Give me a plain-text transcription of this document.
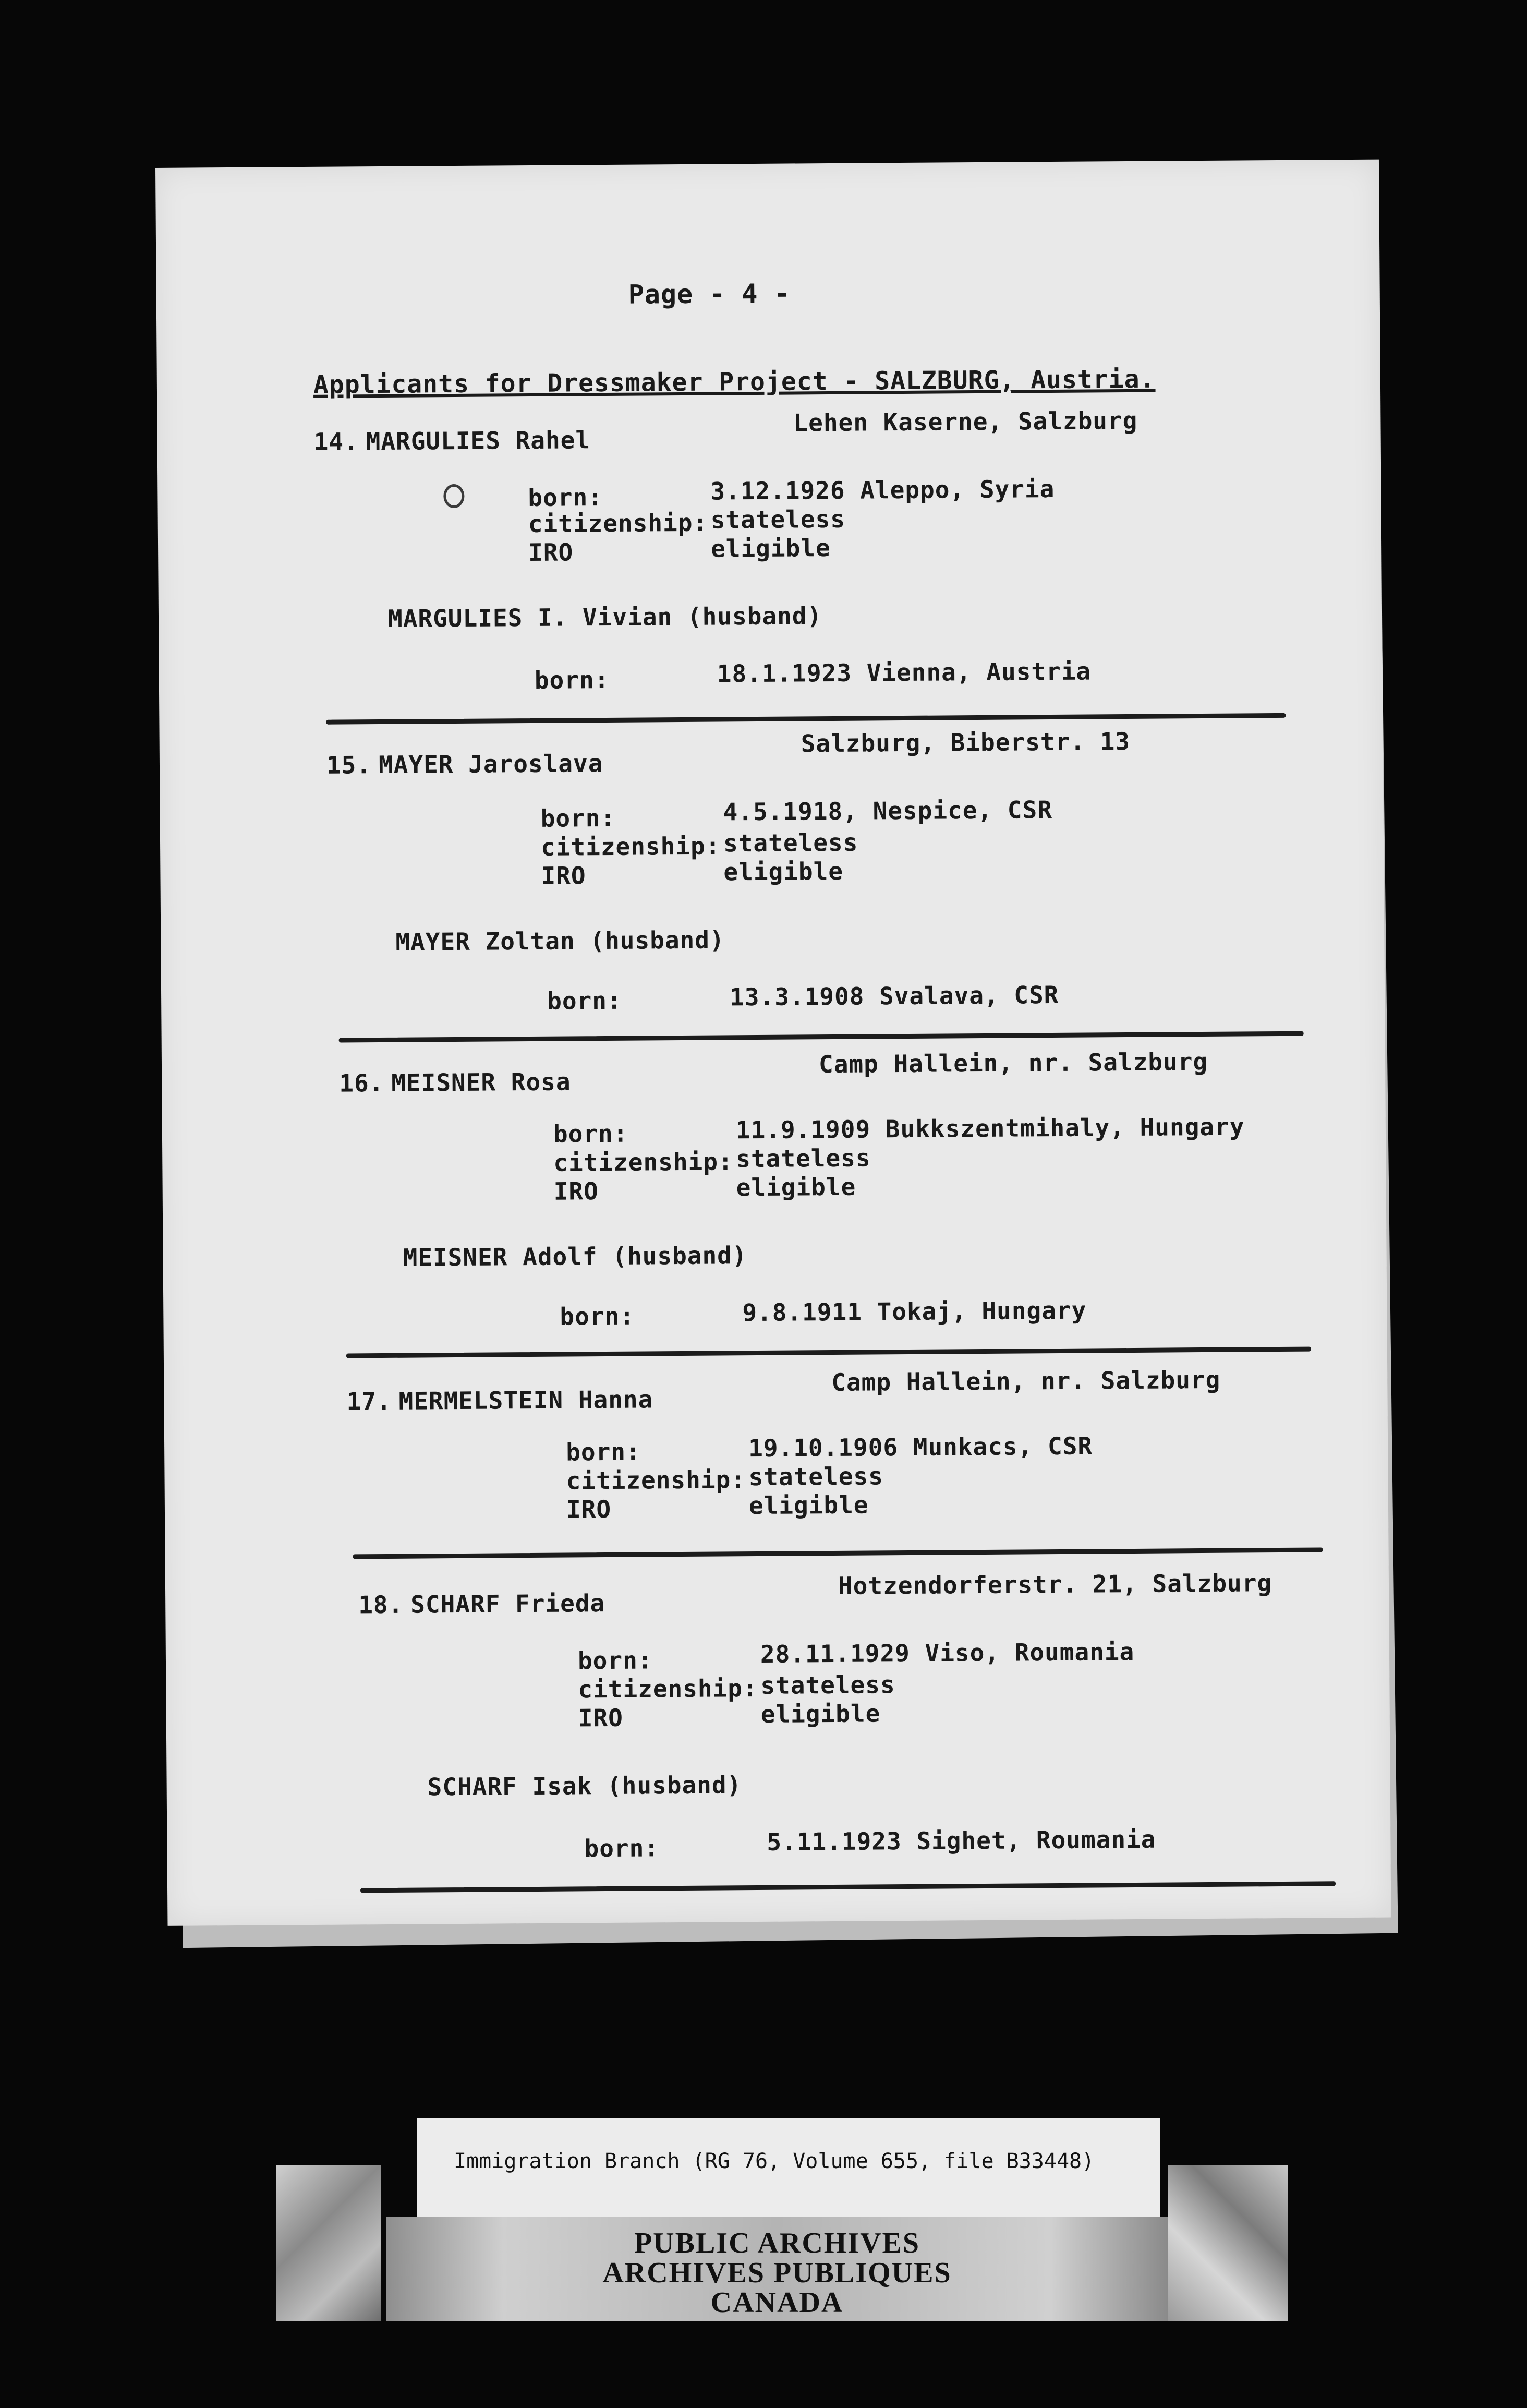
Page - 4 -
Applicants for Dressmaker Project - SALZBURG, Austria.
14. MARGULIES Rahel
Lehen Kaserne, Salzburg
born:	3.12.1926 Aleppo, Syria
citizenship: stateless
IRO	eligible
MARGULIES I. Vivian (husband)
born:	18.1.1923 Vienna, Austria
15. MAYER Jaroslava
Salzburg, Biberstr. 13
born:	4.5.1918, Nespice, CSR
citizenship: stateless
IRO	eligible
MAYER Zoltan (husband)
born:	13.3.1908 Svalava, CSR
16. MEISNER Rosa
Camp Hallein, nr. Salzburg
born:	11.9.1909 Bukkszentmihaly, Hungary
citizenship: stateless
IRO	eligible
MEISNER Adolf (husband)
born:	9.8.1911 Tokaj, Hungary
17. MERMELSTEIN Hanna
Camp Hallein, nr. Salzburg
born:	19.10.1906 Munkacs, CSR
citizenship: stateless
IRO	eligible
18. SCHARF Frieda
Hotzendorferstr. 21, Salzburg
born:	28.11.1929 Viso, Roumania
citizenship: stateless
IRO	eligible
SCHARF Isak (husband)
born:	5.11.1923 Sighet, Roumania
Immigration Branch (RG 76, Volume 655, file B33448)
PUBLIC ARCHIVES
ARCHIVES PUBLIQUES
CANADA
